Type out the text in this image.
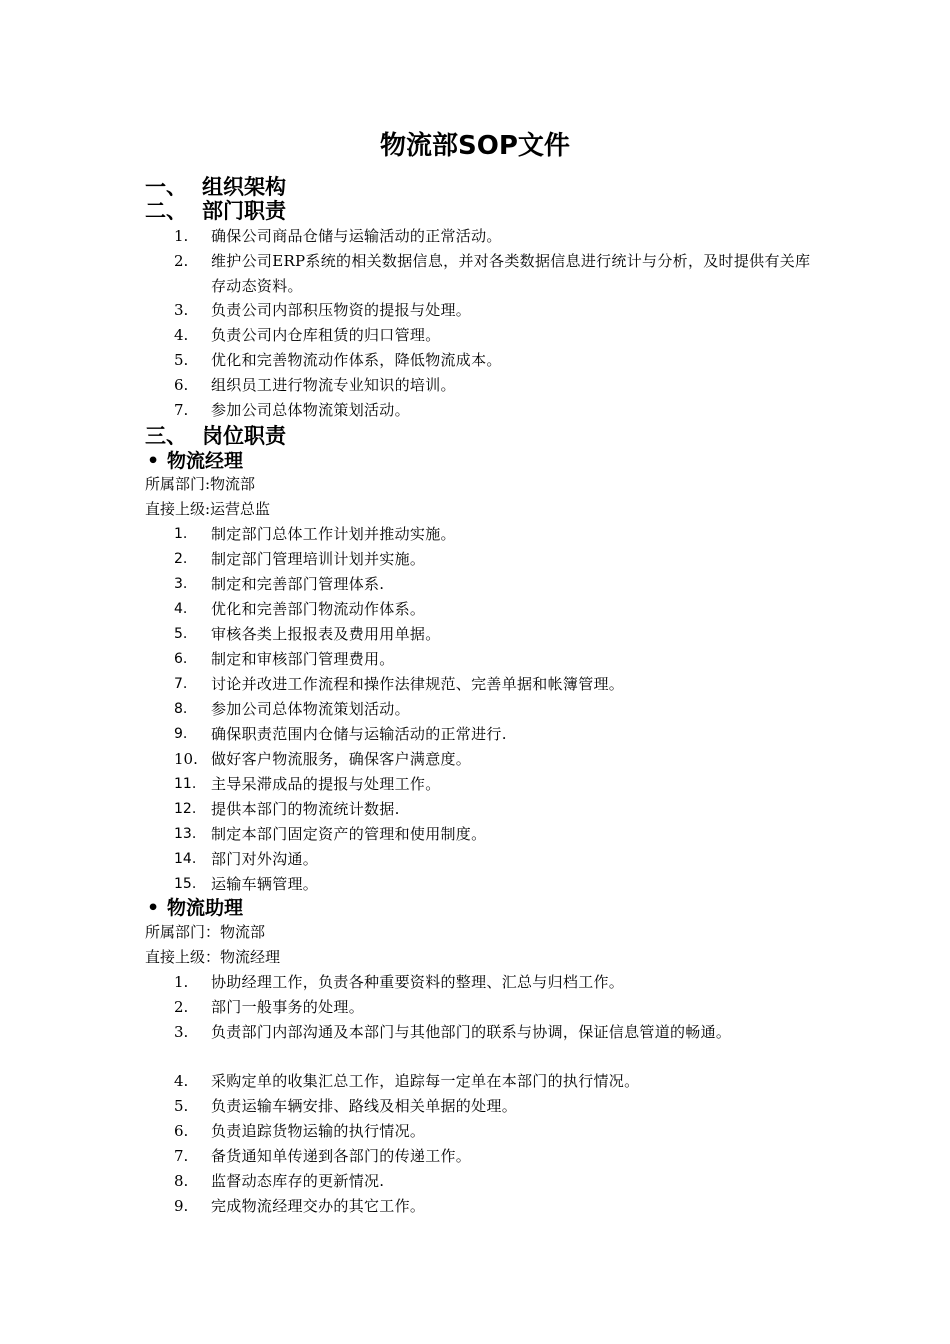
物流部SOP文件
一、 组织架构
二、 部门职责
1.	确保公司商品仓储与运输活动的正常活动。
2.	维护公司ERP系统的相关数据信息，并对各类数据信息进行统计与分析，及时提供有关库存动态资料。
3.	负责公司内部积压物资的提报与处理。
4.	负责公司内仓库租赁的归口管理。
5.	优化和完善物流动作体系，降低物流成本。
6.	组织员工进行物流专业知识的培训。
7.	参加公司总体物流策划活动。
三、 岗位职责
• 物流经理
所属部门:物流部
直接上级:运营总监
1.	制定部门总体工作计划并推动实施。
2.	制定部门管理培训计划并实施。
3.	制定和完善部门管理体系.
4.	优化和完善部门物流动作体系。
5.	审核各类上报报表及费用用单据。
6.	制定和审核部门管理费用。
7.	讨论并改进工作流程和操作法律规范、完善单据和帐簿管理。
8.	参加公司总体物流策划活动。
9.	确保职责范围内仓储与运输活动的正常进行.
10. 做好客户物流服务，确保客户满意度。
11. 主导呆滞成品的提报与处理工作。
12. 提供本部门的物流统计数据.
13. 制定本部门固定资产的管理和使用制度。
14. 部门对外沟通。
15. 运输车辆管理。
• 物流助理
所属部门：物流部
直接上级：物流经理
1.	协助经理工作，负责各种重要资料的整理、汇总与归档工作。
2.	部门一般事务的处理。
3.	负责部门内部沟通及本部门与其他部门的联系与协调，保证信息管道的畅通。
4.	采购定单的收集汇总工作，追踪每一定单在本部门的执行情况。
5.	负责运输车辆安排、路线及相关单据的处理。
6.	负责追踪货物运输的执行情况。
7.	备货通知单传递到各部门的传递工作。
8.	监督动态库存的更新情况.
9.	完成物流经理交办的其它工作。
